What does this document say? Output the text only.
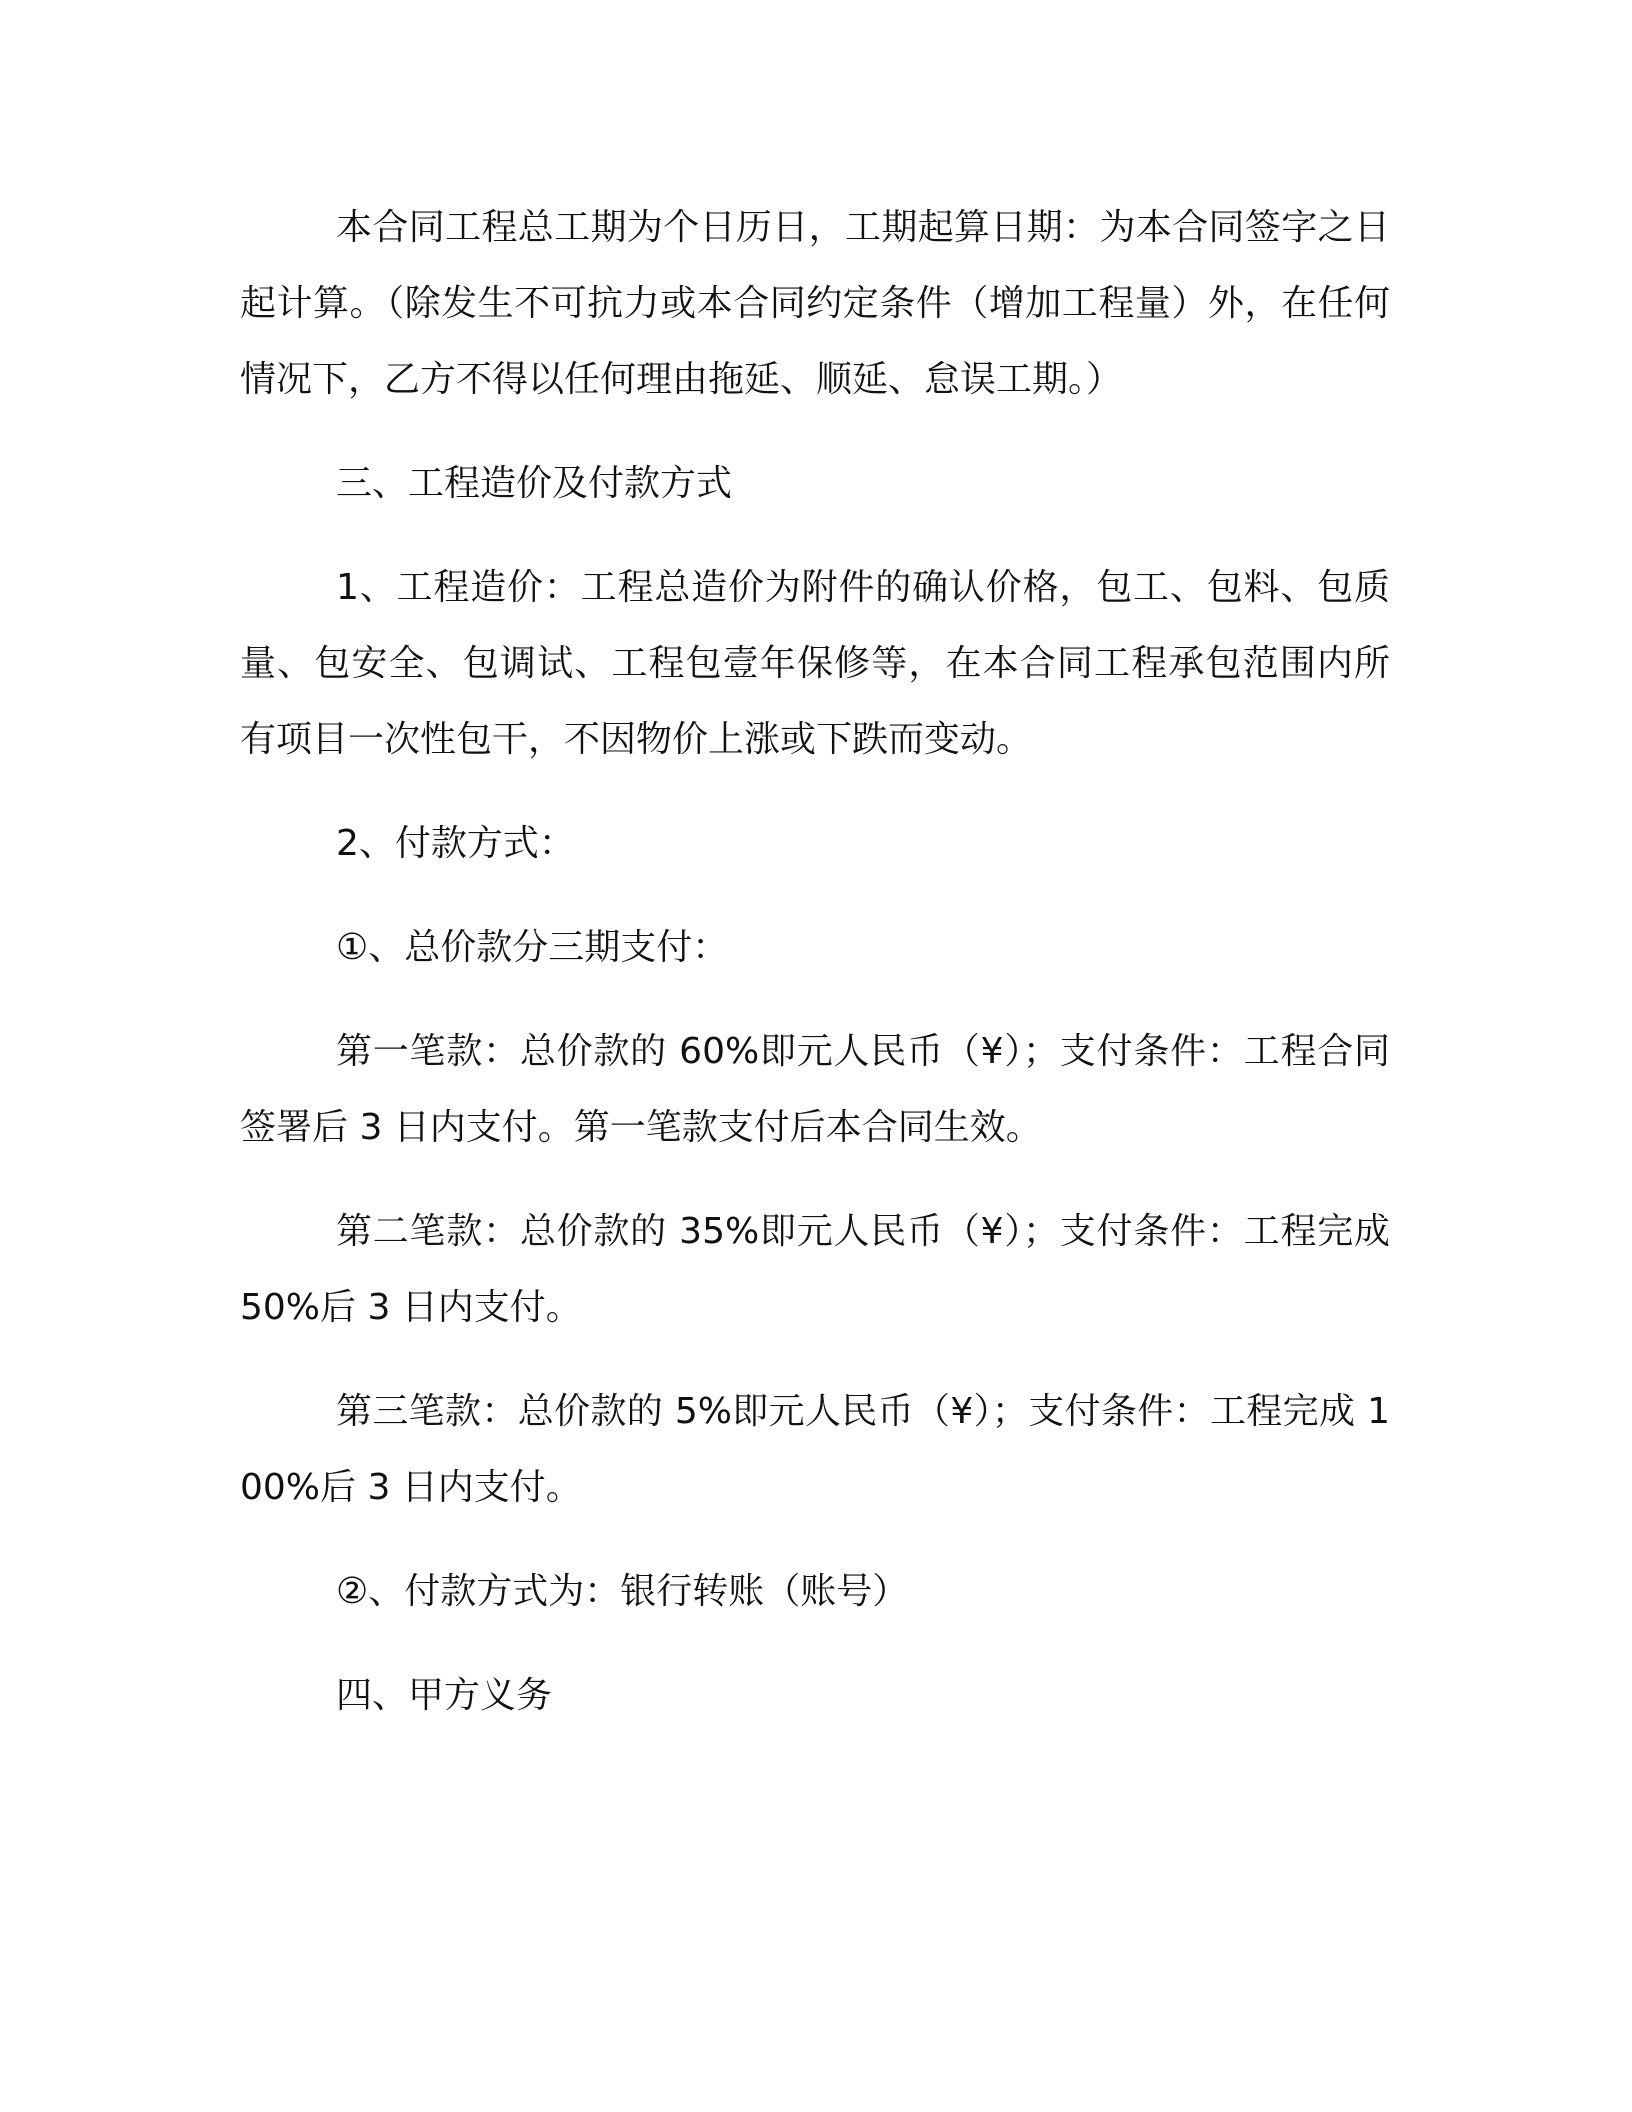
本合同工程总工期为个日历日，工期起算日期：为本合同签字之日起计算。（除发生不可抗力或本合同约定条件（增加工程量）外，在任何情况下，乙方不得以任何理由拖延、顺延、怠误工期。）

三、工程造价及付款方式

1、工程造价：工程总造价为附件的确认价格，包工、包料、包质量、包安全、包调试、工程包壹年保修等，在本合同工程承包范围内所有项目一次性包干，不因物价上涨或下跌而变动。

2、付款方式：

①、总价款分三期支付：

第一笔款：总价款的 60%即元人民币（¥）；支付条件：工程合同签署后 3 日内支付。第一笔款支付后本合同生效。

第二笔款：总价款的 35%即元人民币（¥）；支付条件：工程完成 50%后 3 日内支付。

第三笔款：总价款的 5%即元人民币（¥）；支付条件：工程完成 100%后 3 日内支付。

②、付款方式为：银行转账（账号）

四、甲方义务
